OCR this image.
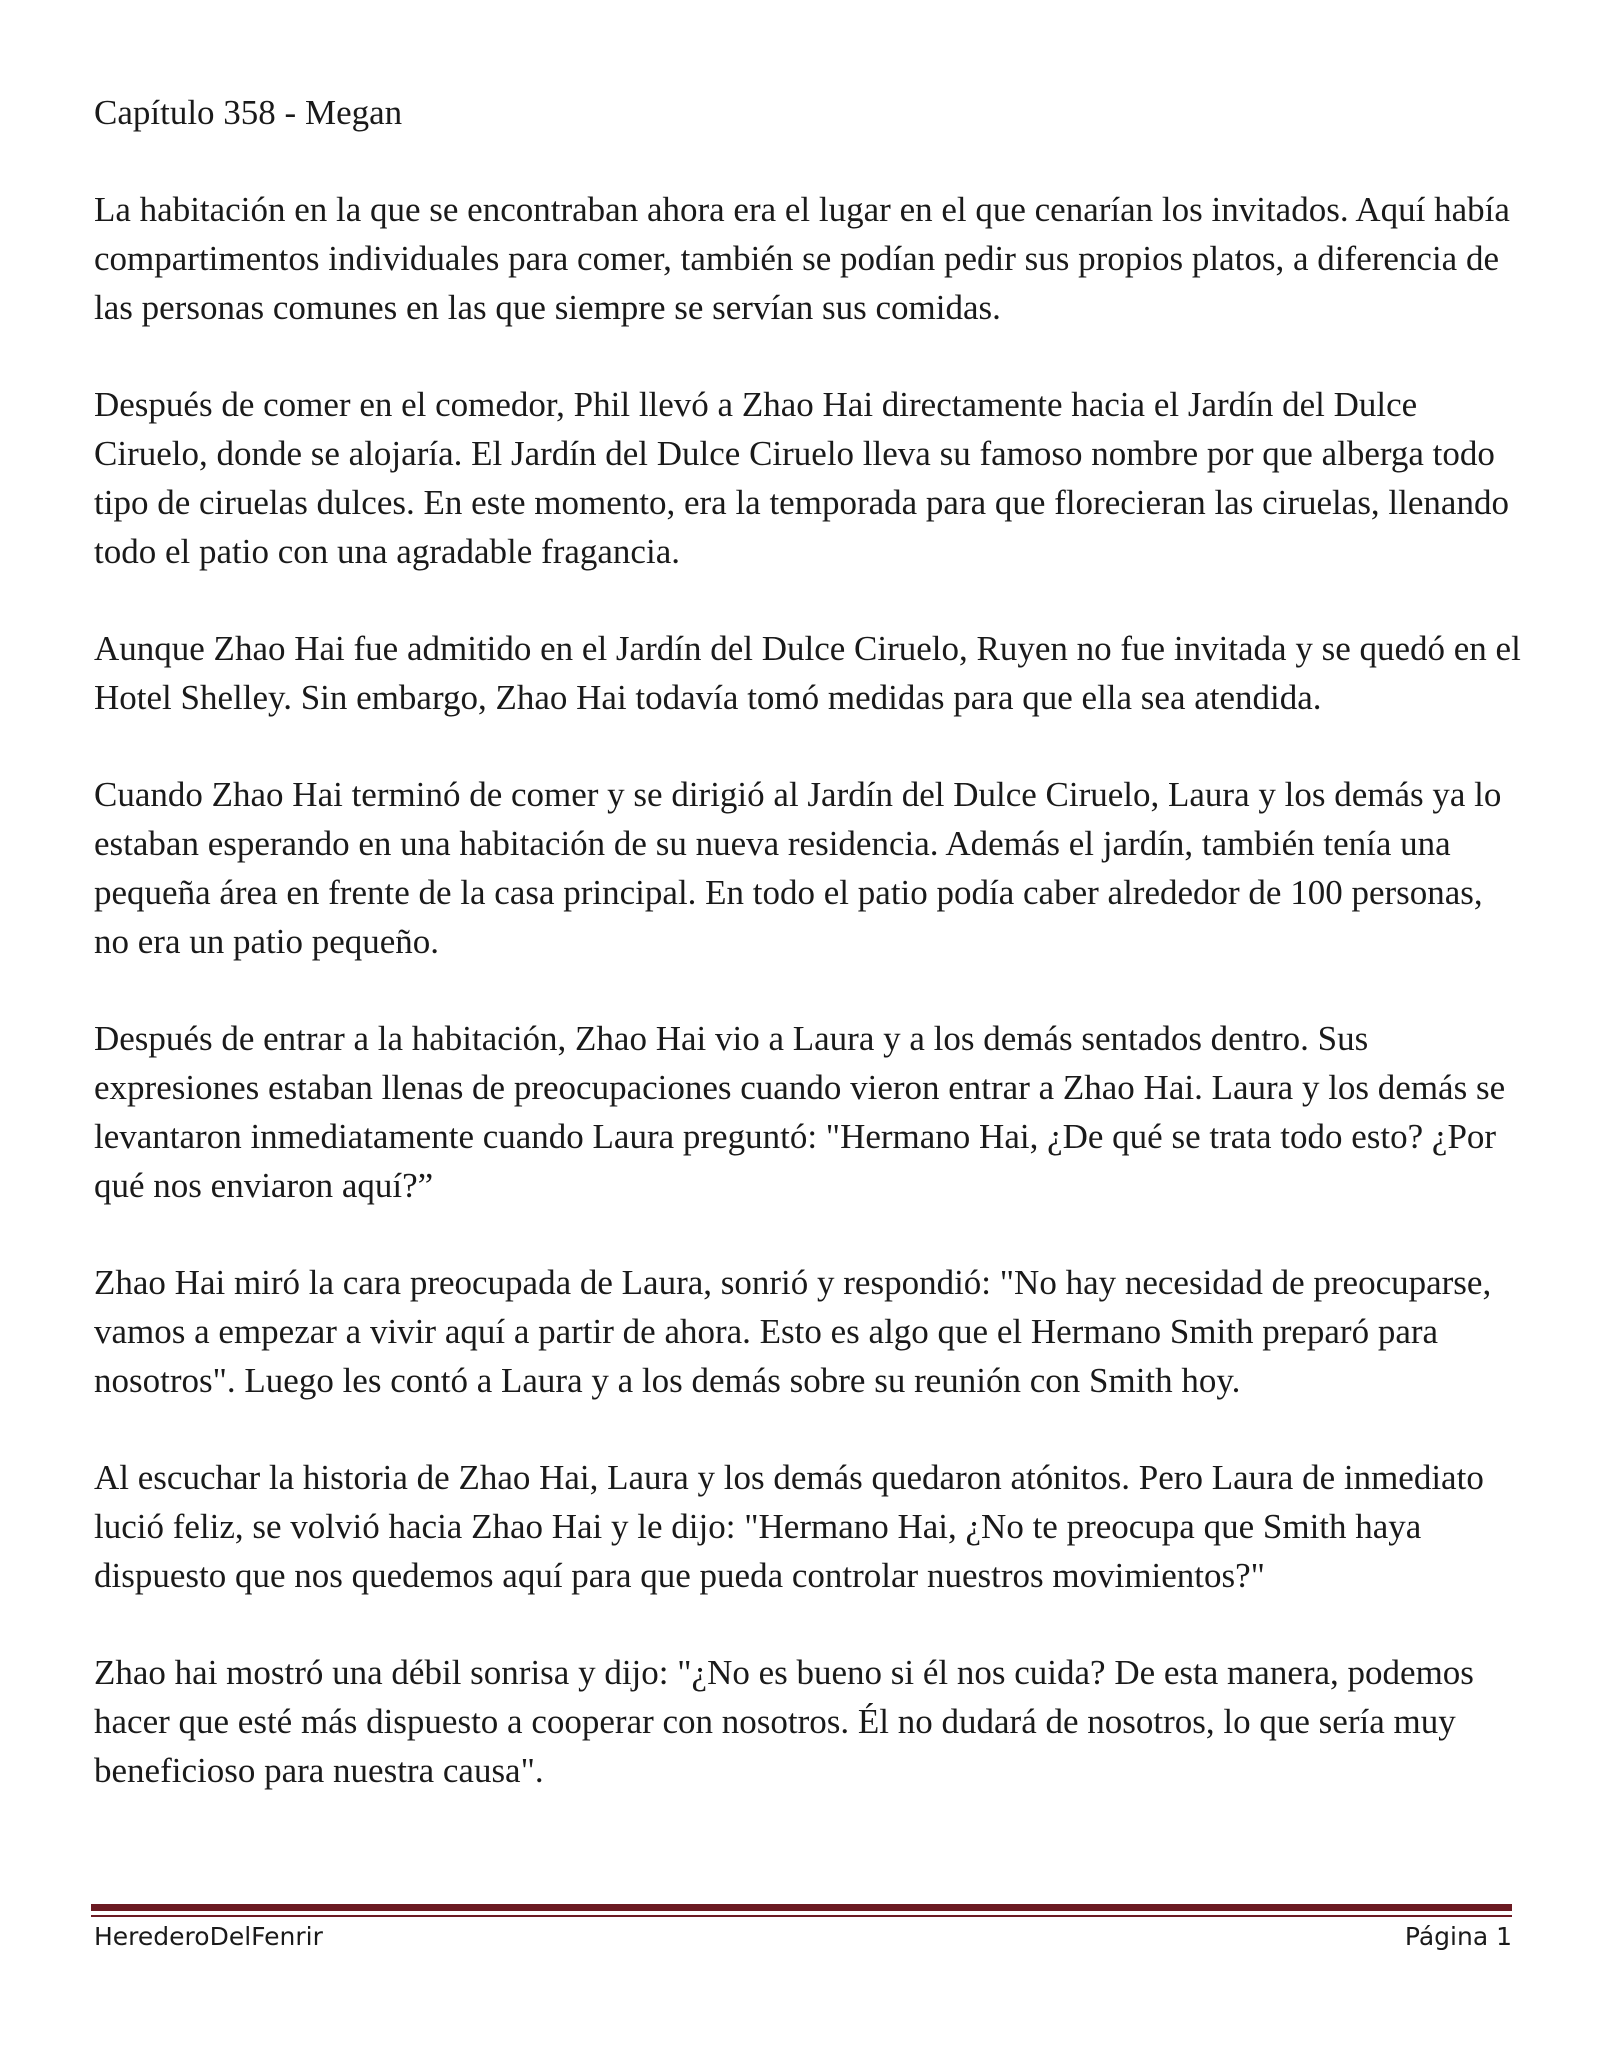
Capítulo 358 - Megan

La habitación en la que se encontraban ahora era el lugar en el que cenarían los invitados. Aquí había compartimentos individuales para comer, también se podían pedir sus propios platos, a diferencia de las personas comunes en las que siempre se servían sus comidas.

Después de comer en el comedor, Phil llevó a Zhao Hai directamente hacia el Jardín del Dulce Ciruelo, donde se alojaría. El Jardín del Dulce Ciruelo lleva su famoso nombre por que alberga todo tipo de ciruelas dulces. En este momento, era la temporada para que florecieran las ciruelas, llenando todo el patio con una agradable fragancia.

Aunque Zhao Hai fue admitido en el Jardín del Dulce Ciruelo, Ruyen no fue invitada y se quedó en el Hotel Shelley. Sin embargo, Zhao Hai todavía tomó medidas para que ella sea atendida.

Cuando Zhao Hai terminó de comer y se dirigió al Jardín del Dulce Ciruelo, Laura y los demás ya lo estaban esperando en una habitación de su nueva residencia. Además el jardín, también tenía una pequeña área en frente de la casa principal. En todo el patio podía caber alrededor de 100 personas, no era un patio pequeño.

Después de entrar a la habitación, Zhao Hai vio a Laura y a los demás sentados dentro. Sus expresiones estaban llenas de preocupaciones cuando vieron entrar a Zhao Hai. Laura y los demás se levantaron inmediatamente cuando Laura preguntó: "Hermano Hai, ¿De qué se trata todo esto? ¿Por qué nos enviaron aquí?”

Zhao Hai miró la cara preocupada de Laura, sonrió y respondió: "No hay necesidad de preocuparse, vamos a empezar a vivir aquí a partir de ahora. Esto es algo que el Hermano Smith preparó para nosotros". Luego les contó a Laura y a los demás sobre su reunión con Smith hoy.

Al escuchar la historia de Zhao Hai, Laura y los demás quedaron atónitos. Pero Laura de inmediato lució feliz, se volvió hacia Zhao Hai y le dijo: "Hermano Hai, ¿No te preocupa que Smith haya dispuesto que nos quedemos aquí para que pueda controlar nuestros movimientos?"

Zhao hai mostró una débil sonrisa y dijo: "¿No es bueno si él nos cuida? De esta manera, podemos hacer que esté más dispuesto a cooperar con nosotros. Él no dudará de nosotros, lo que sería muy beneficioso para nuestra causa".

HerederoDelFenrir	Página 1
